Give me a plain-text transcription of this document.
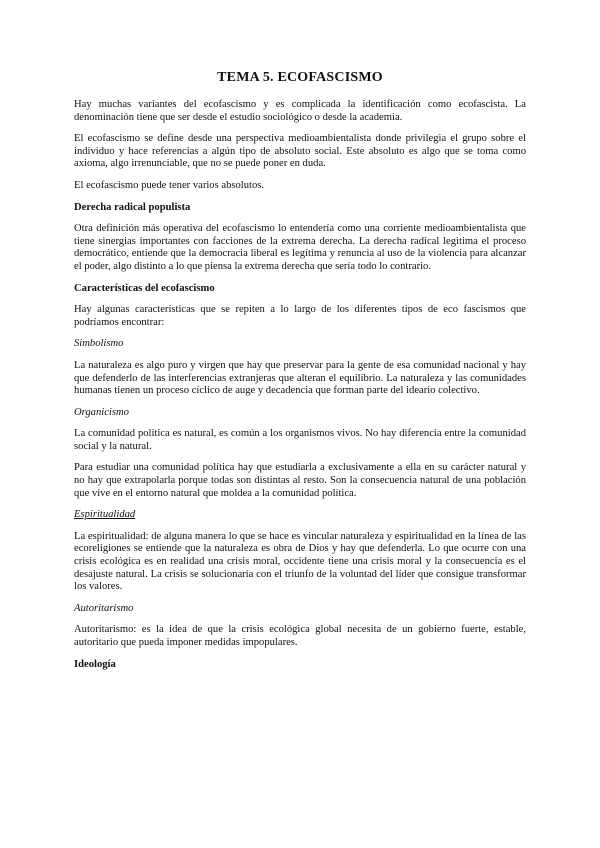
TEMA 5. ECOFASCISMO

Hay muchas variantes del ecofascismo y es complicada la identificación como ecofascista. La denominación tiene que ser desde el estudio sociológico o desde la academia.

El ecofascismo se define desde una perspectiva medioambientalista donde privilegia el grupo sobre el individuo y hace referencias a algún tipo de absoluto social. Este absoluto es algo que se toma como axioma, algo irrenunciable, que no se puede poner en duda.

El ecofascismo puede tener varios absolutos.

Derecha radical populista

Otra definición más operativa del ecofascismo lo entendería como una corriente medioambientalista que tiene sinergias importantes con facciones de la extrema derecha. La derecha radical legitima el proceso democrático, entiende que la democracia liberal es legítima y renuncia al uso de la violencia para alcanzar el poder, algo distinto a lo que piensa la extrema derecha que sería todo lo contrario.

Características del ecofascismo

Hay algunas características que se repiten a lo largo de los diferentes tipos de eco fascismos que podríamos encontrar:

Simbolismo

La naturaleza es algo puro y virgen que hay que preservar para la gente de esa comunidad nacional y hay que defenderlo de las interferencias extranjeras que alteran el equilibrio. La naturaleza y las comunidades humanas tienen un proceso cíclico de auge y decadencia que forman parte del ideario colectivo.

Organicismo

La comunidad política es natural, es común a los organismos vivos. No hay diferencia entre la comunidad social y la natural.

Para estudiar una comunidad política hay que estudiarla a exclusivamente a ella en su carácter natural y no hay que extrapolarla porque todas son distintas al resto. Son la consecuencia natural de una población que vive en el entorno natural que moldea a la comunidad política.

Espiritualidad

La espiritualidad: de alguna manera lo que se hace es vincular naturaleza y espiritualidad en la línea de las ecoreligiones se entiende que la naturaleza es obra de Dios y hay que defenderla. Lo que ocurre con una crisis ecológica es en realidad una crisis moral, occidente tiene una crisis moral y la consecuencia es el desajuste natural. La crisis se solucionaría con el triunfo de la voluntad del líder que consigue transformar los valores.

Autoritarismo

Autoritarismo: es la idea de que la crisis ecológica global necesita de un gobierno fuerte, estable, autoritario que pueda imponer medidas impopulares.

Ideología
